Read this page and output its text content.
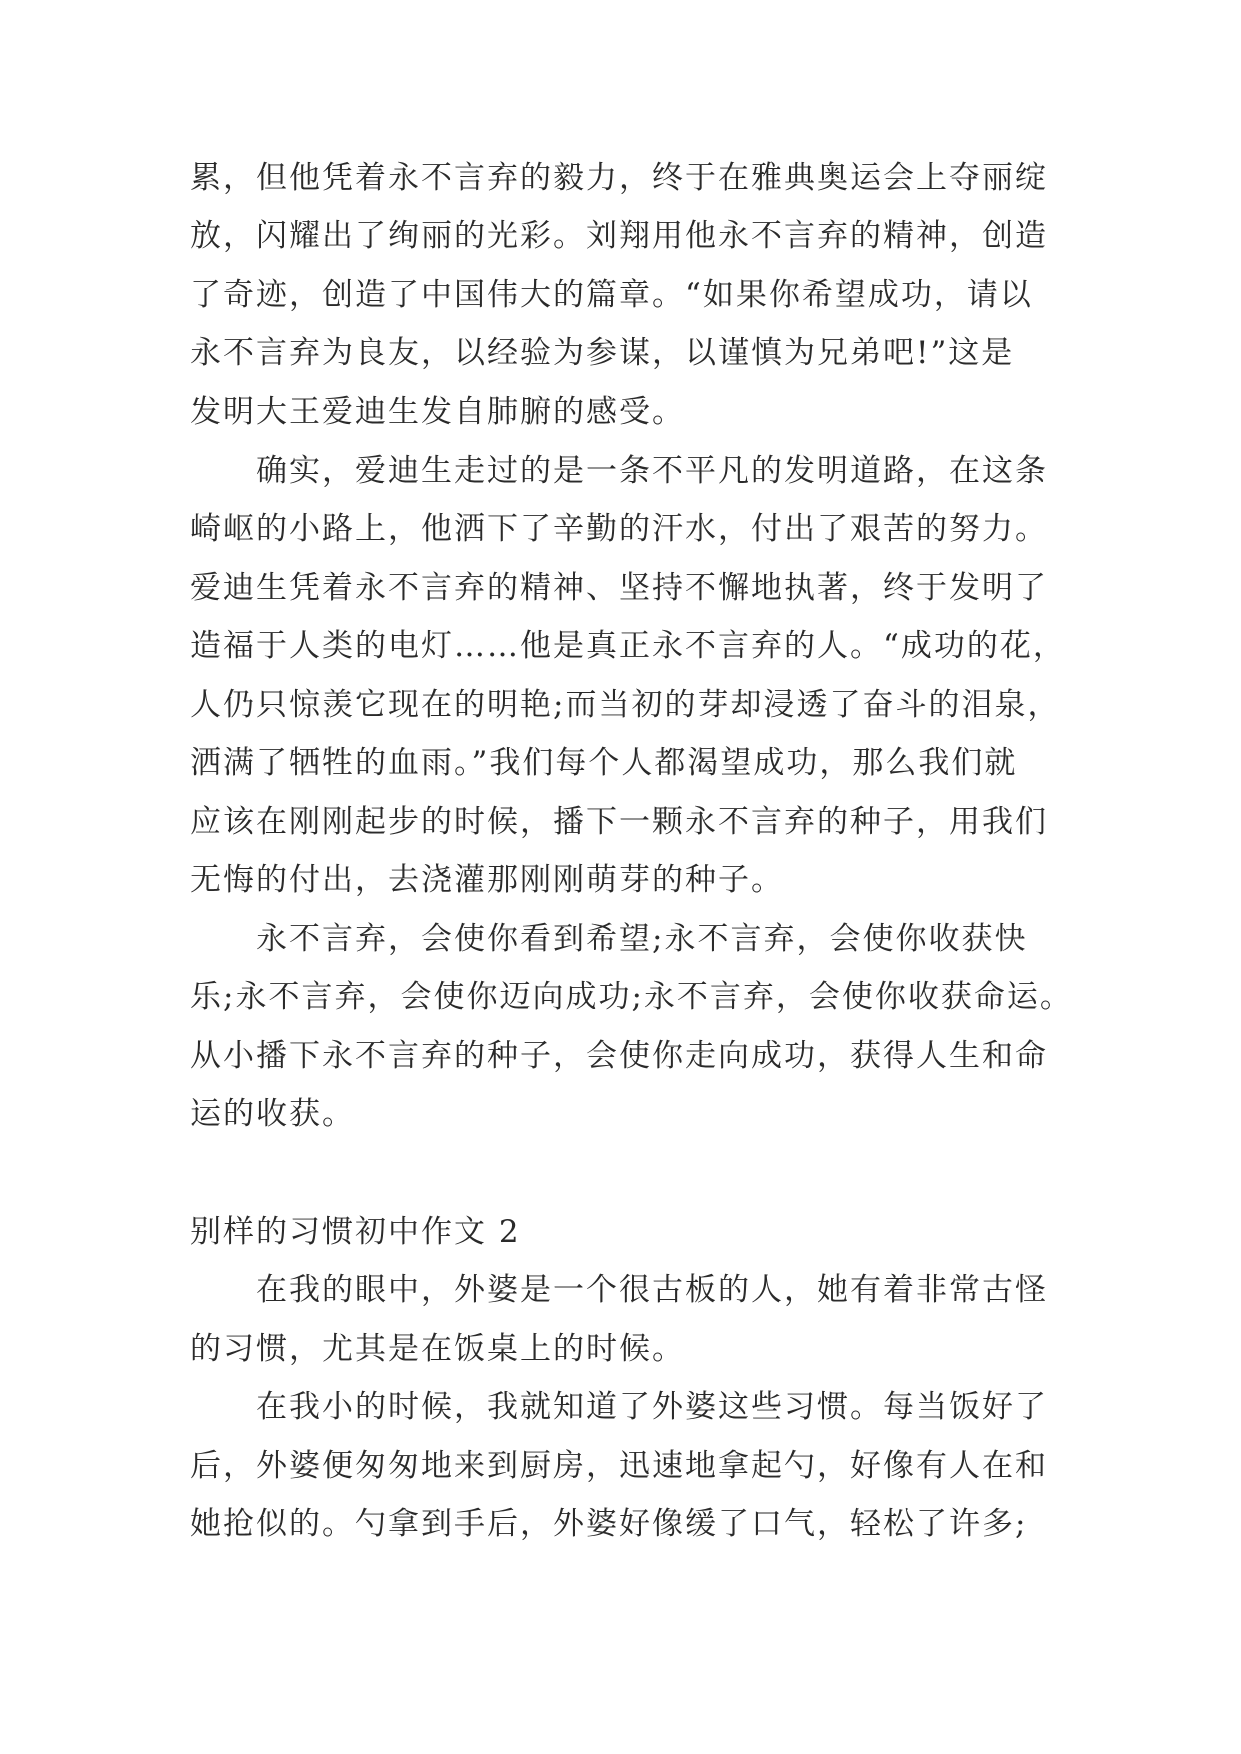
累，但他凭着永不言弃的毅力，终于在雅典奥运会上夺丽绽
放，闪耀出了绚丽的光彩。刘翔用他永不言弃的精神，创造
了奇迹，创造了中国伟大的篇章。“如果你希望成功，请以
永不言弃为良友，以经验为参谋，以谨慎为兄弟吧!”这是
发明大王爱迪生发自肺腑的感受。
确实，爱迪生走过的是一条不平凡的发明道路，在这条
崎岖的小路上，他洒下了辛勤的汗水，付出了艰苦的努力。
爱迪生凭着永不言弃的精神、坚持不懈地执著，终于发明了
造福于人类的电灯……他是真正永不言弃的人。“成功的花，
人仍只惊羡它现在的明艳;而当初的芽却浸透了奋斗的泪泉，
洒满了牺牲的血雨。”我们每个人都渴望成功，那么我们就
应该在刚刚起步的时候，播下一颗永不言弃的种子，用我们
无悔的付出，去浇灌那刚刚萌芽的种子。
永不言弃，会使你看到希望;永不言弃，会使你收获快
乐;永不言弃，会使你迈向成功;永不言弃，会使你收获命运。
从小播下永不言弃的种子，会使你走向成功，获得人生和命
运的收获。
别样的习惯初中作文 2
在我的眼中，外婆是一个很古板的人，她有着非常古怪
的习惯，尤其是在饭桌上的时候。
在我小的时候，我就知道了外婆这些习惯。每当饭好了
后，外婆便匆匆地来到厨房，迅速地拿起勺，好像有人在和
她抢似的。勺拿到手后，外婆好像缓了口气，轻松了许多;
